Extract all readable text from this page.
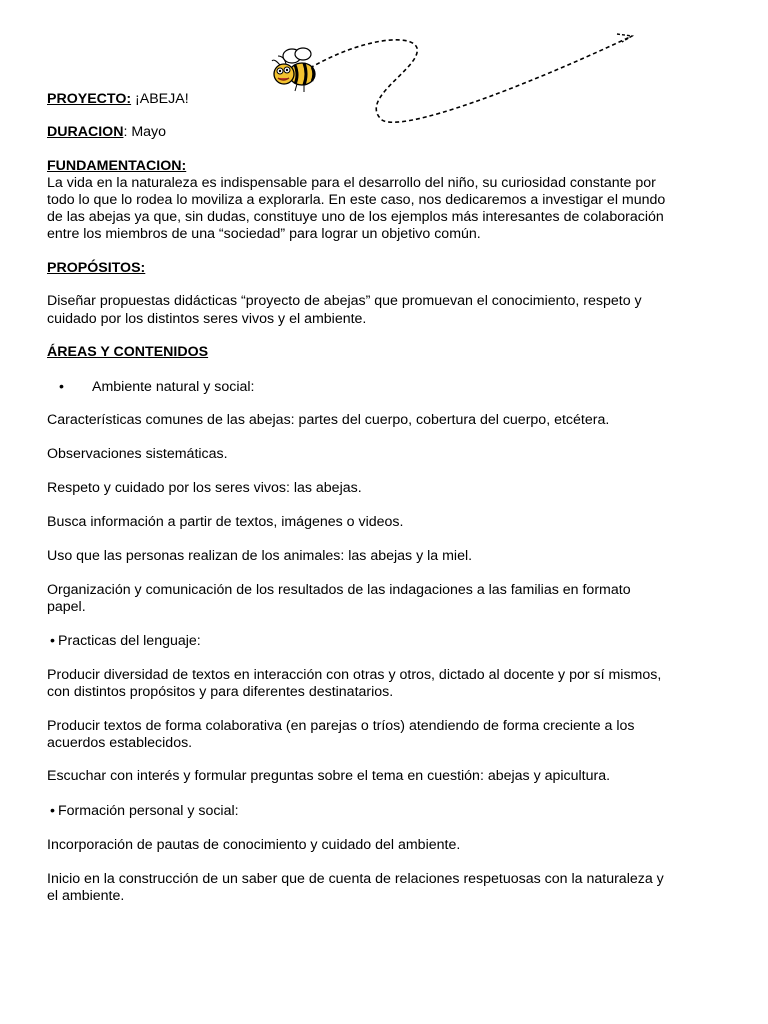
PROYECTO: ¡ABEJA!

DURACION: Mayo

FUNDAMENTACION:

La vida en la naturaleza es indispensable para el desarrollo del niño, su curiosidad constante por

todo lo que lo rodea lo moviliza a explorarla. En este caso, nos dedicaremos a investigar el mundo

de las abejas ya que, sin dudas, constituye uno de los ejemplos más interesantes de colaboración

entre los miembros de una “sociedad” para lograr un objetivo común.

PROPÓSITOS:

Diseñar propuestas didácticas “proyecto de abejas” que promuevan el conocimiento, respeto y

cuidado por los distintos seres vivos y el ambiente.

ÁREAS Y CONTENIDOS

• Ambiente natural y social:

Características comunes de las abejas: partes del cuerpo, cobertura del cuerpo, etcétera.

Observaciones sistemáticas.

Respeto y cuidado por los seres vivos: las abejas.

Busca información a partir de textos, imágenes o videos.

Uso que las personas realizan de los animales: las abejas y la miel.

Organización y comunicación de los resultados de las indagaciones a las familias en formato

papel.

• Practicas del lenguaje:

Producir diversidad de textos en interacción con otras y otros, dictado al docente y por sí mismos,

con distintos propósitos y para diferentes destinatarios.

Producir textos de forma colaborativa (en parejas o tríos) atendiendo de forma creciente a los

acuerdos establecidos.

Escuchar con interés y formular preguntas sobre el tema en cuestión: abejas y apicultura.

• Formación personal y social:

Incorporación de pautas de conocimiento y cuidado del ambiente.

Inicio en la construcción de un saber que de cuenta de relaciones respetuosas con la naturaleza y

el ambiente.
